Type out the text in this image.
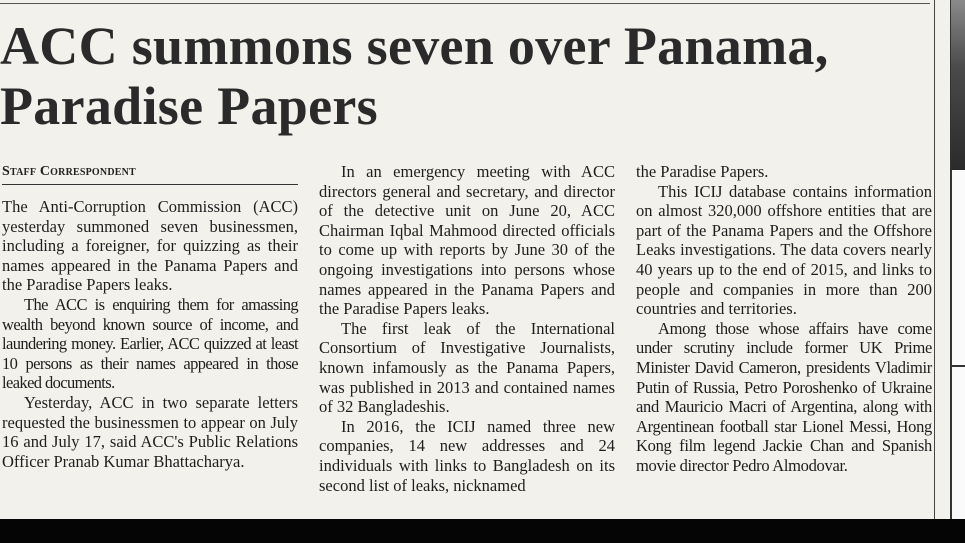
ACC summons seven over Panama,
Paradise Papers
Staff Correspondent

The Anti-Corruption Commission (ACC) yesterday summoned seven businessmen, including a foreigner, for quizzing as their names appeared in the Panama Papers and the Paradise Papers leaks.

The ACC is enquiring them for amassing wealth beyond known source of income, and laundering money. Earlier, ACC quizzed at least 10 persons as their names appeared in those leaked documents.

Yesterday, ACC in two separate letters requested the businessmen to appear on July 16 and July 17, said ACC's Public Relations Officer Pranab Kumar Bhattacharya.

In an emergency meeting with ACC directors general and secretary, and director of the detective unit on June 20, ACC Chairman Iqbal Mahmood directed officials to come up with reports by June 30 of the ongoing investigations into persons whose names appeared in the Panama Papers and the Paradise Papers leaks.

The first leak of the International Consortium of Investigative Journalists, known infamously as the Panama Papers, was published in 2013 and contained names of 32 Bangladeshis.

In 2016, the ICIJ named three new companies, 14 new addresses and 24 individuals with links to Bangladesh on its second list of leaks, nicknamed

the Paradise Papers.

This ICIJ database contains information on almost 320,000 offshore entities that are part of the Panama Papers and the Offshore Leaks investigations. The data covers nearly 40 years up to the end of 2015, and links to people and companies in more than 200 countries and territories.

Among those whose affairs have come under scrutiny include former UK Prime Minister David Cameron, presidents Vladimir Putin of Russia, Petro Poroshenko of Ukraine and Mauricio Macri of Argentina, along with Argentinean football star Lionel Messi, Hong Kong film legend Jackie Chan and Spanish movie director Pedro Almodovar.
